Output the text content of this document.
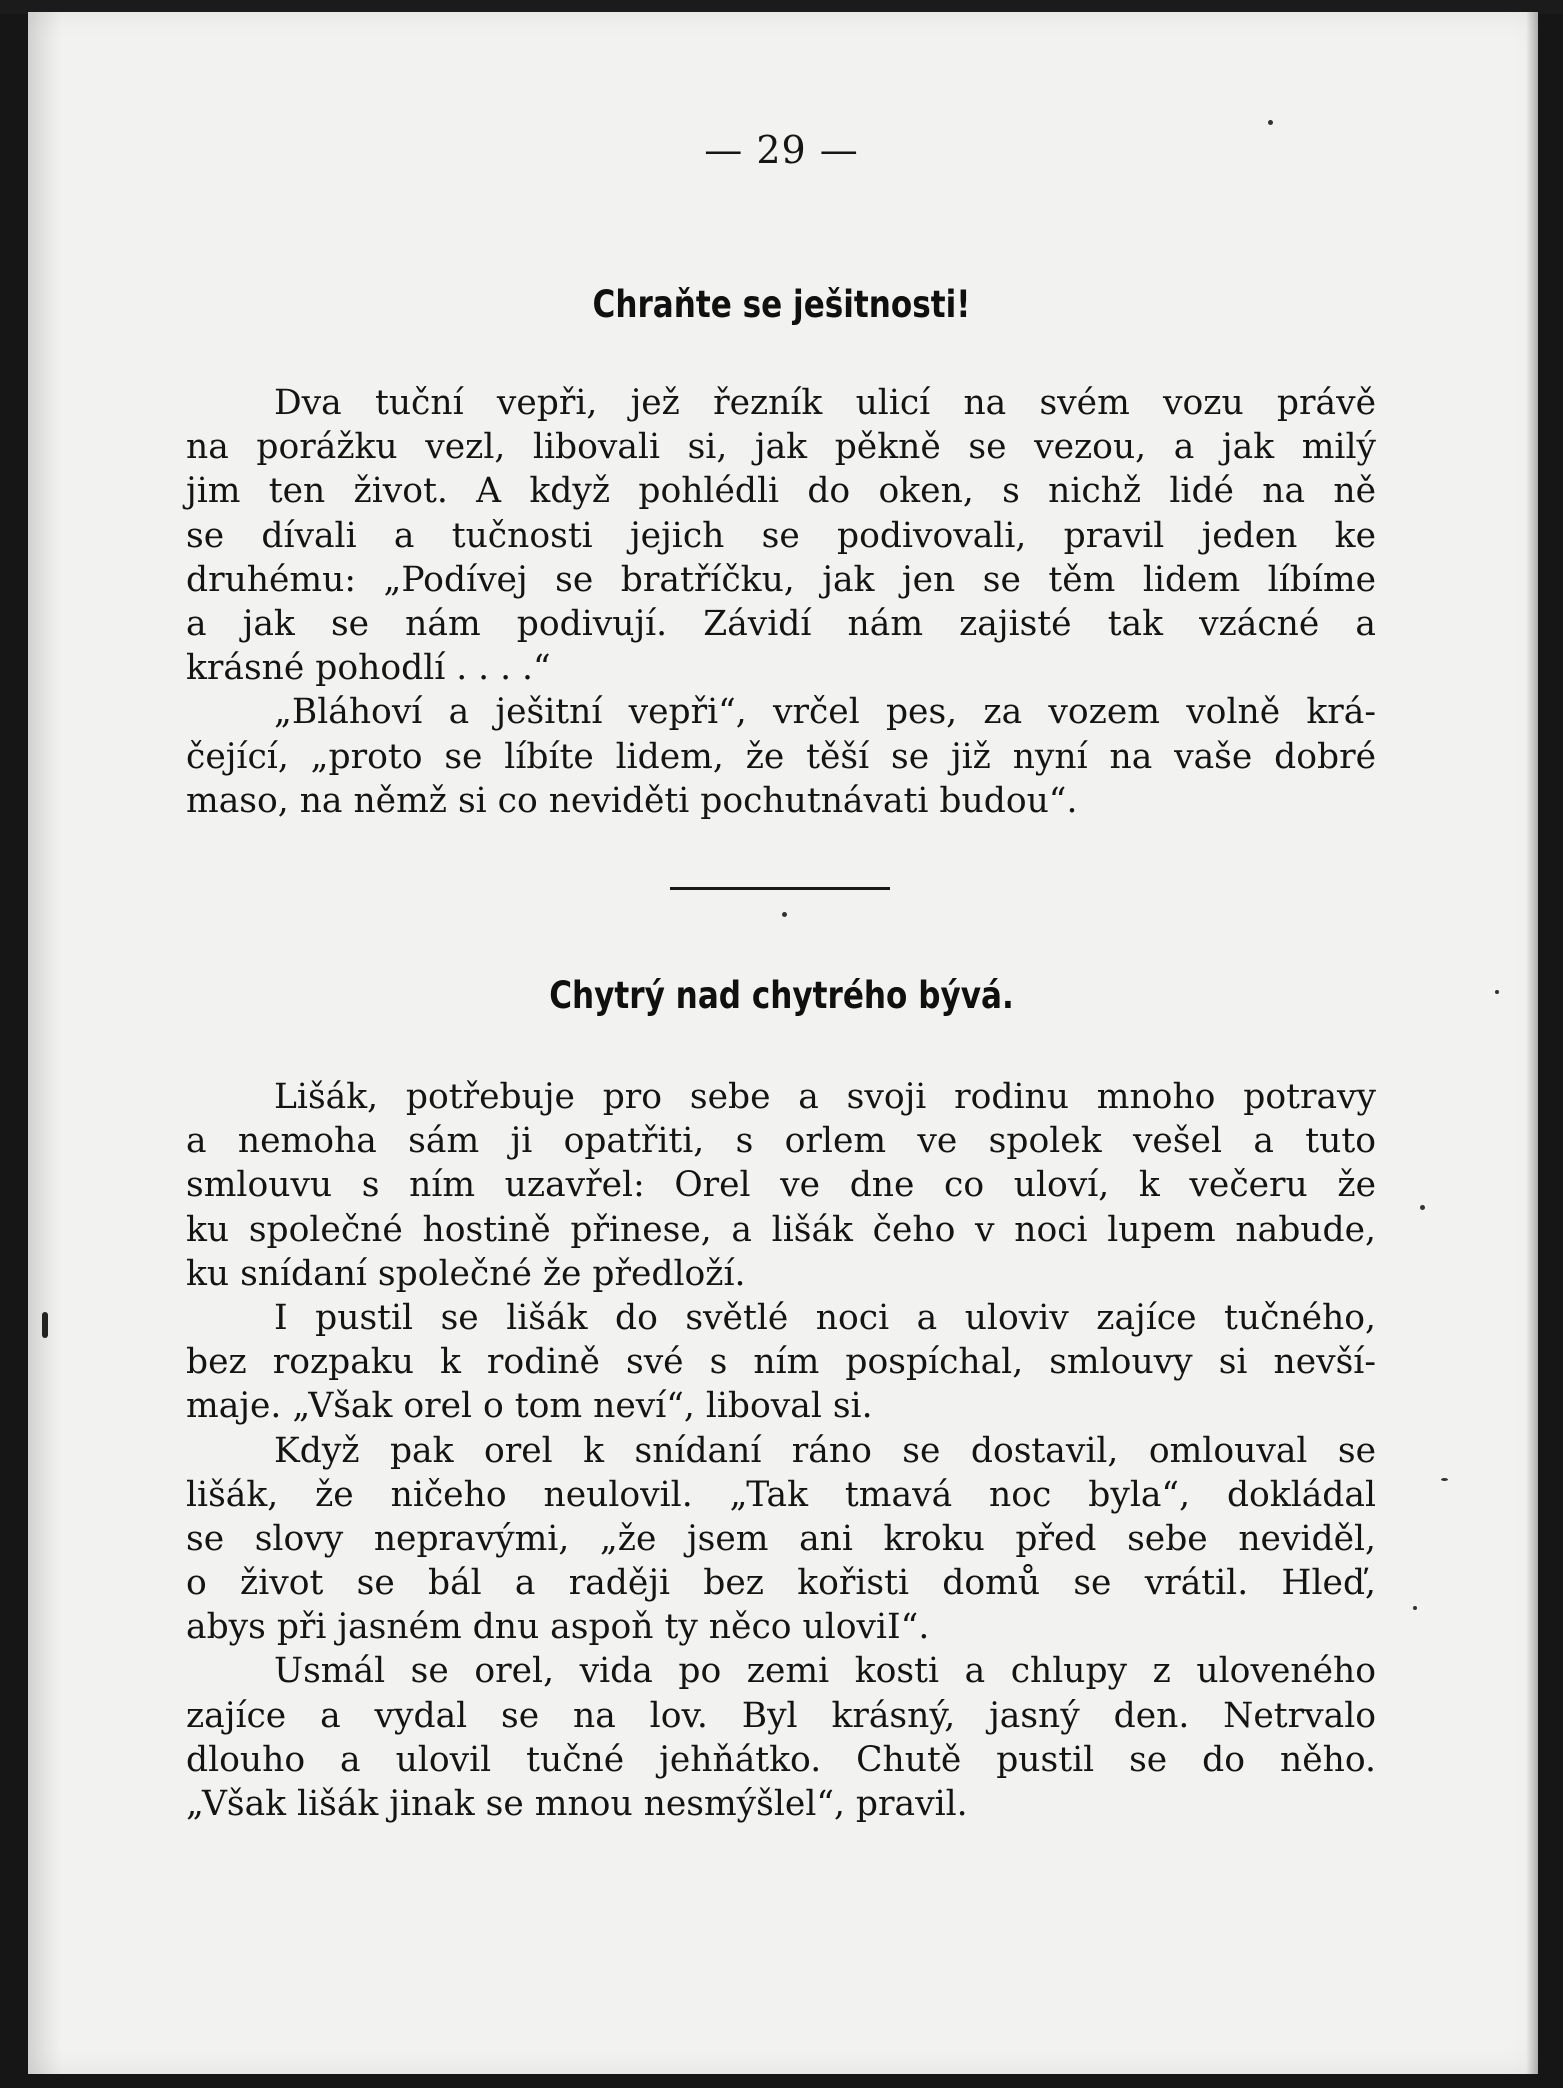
— 29 —
Chraňte se ješitnosti!
Dva tuční vepři, jež řezník ulicí na svém vozu právě
na porážku vezl, libovali si, jak pěkně se vezou, a jak milý
jim ten život. A když pohlédli do oken, s nichž lidé na ně
se dívali a tučnosti jejich se podivovali, pravil jeden ke
druhému: „Podívej se bratříčku, jak jen se těm lidem líbíme
a jak se nám podivují. Závidí nám zajisté tak vzácné a
krásné pohodlí . . . .“
„Bláhoví a ješitní vepři“, vrčel pes, za vozem volně krá-
čející, „proto se líbíte lidem, že těší se již nyní na vaše dobré
maso, na němž si co neviděti pochutnávati budou“.
Chytrý nad chytrého bývá.
Lišák, potřebuje pro sebe a svoji rodinu mnoho potravy
a nemoha sám ji opatřiti, s orlem ve spolek vešel a tuto
smlouvu s ním uzavřel: Orel ve dne co uloví, k večeru že
ku společné hostině přinese, a lišák čeho v noci lupem nabude,
ku snídaní společné že předloží.
I pustil se lišák do světlé noci a uloviv zajíce tučného,
bez rozpaku k rodině své s ním pospíchal, smlouvy si nevší-
maje. „Však orel o tom neví“, liboval si.
Když pak orel k snídaní ráno se dostavil, omlouval se
lišák, že ničeho neulovil. „Tak tmavá noc byla“, dokládal
se slovy nepravými, „že jsem ani kroku před sebe neviděl,
o život se bál a raději bez kořisti domů se vrátil. Hleď,
abys při jasném dnu aspoň ty něco uloviI“.
Usmál se orel, vida po zemi kosti a chlupy z uloveného
zajíce a vydal se na lov. Byl krásný, jasný den. Netrvalo
dlouho a ulovil tučné jehňátko. Chutě pustil se do něho.
„Však lišák jinak se mnou nesmýšlel“, pravil.
